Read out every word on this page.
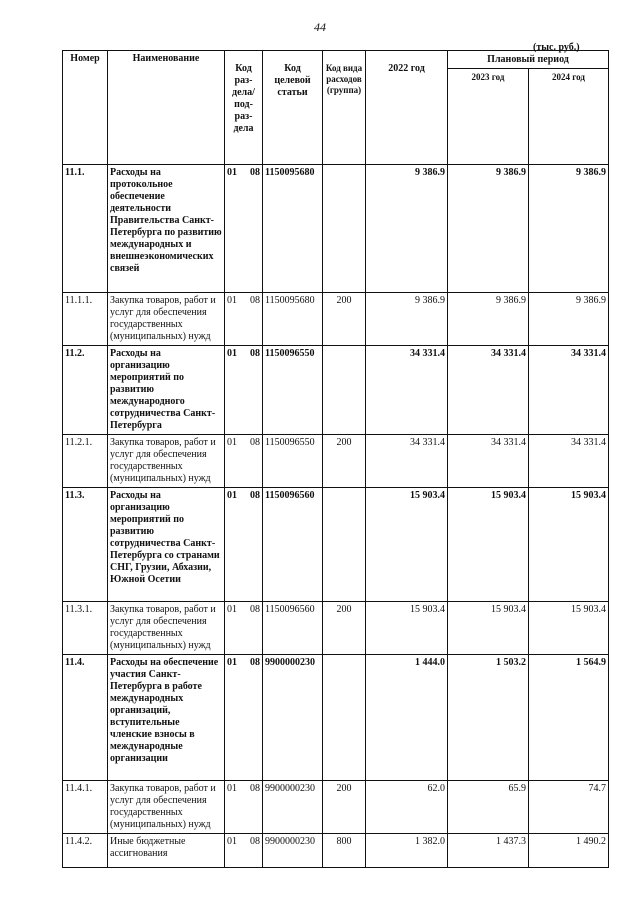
44
(тыс. руб.)
Номер	Наименование	Код раз-дела/ под-раз-дела	Код целевой статьи	Код вида расходов (группа)	2022 год	Плановый период	
						2023 год	2024 год
11.1.	Расходы на протокольное обеспечение деятельности Правительства Санкт-Петербурга по развитию международных и внешнеэкономических связей	01 08	1150095680		9 386.9	9 386.9	9 386.9
11.1.1.	Закупка товаров, работ и услуг для обеспечения государственных (муниципальных) нужд	01 08	1150095680	200	9 386.9	9 386.9	9 386.9
11.2.	Расходы на организацию мероприятий по развитию международного сотрудничества Санкт-Петербурга	01 08	1150096550		34 331.4	34 331.4	34 331.4
11.2.1.	Закупка товаров, работ и услуг для обеспечения государственных (муниципальных) нужд	01 08	1150096550	200	34 331.4	34 331.4	34 331.4
11.3.	Расходы на организацию мероприятий по развитию сотрудничества Санкт-Петербурга со странами СНГ, Грузии, Абхазии, Южной Осетии	01 08	1150096560		15 903.4	15 903.4	15 903.4
11.3.1.	Закупка товаров, работ и услуг для обеспечения государственных (муниципальных) нужд	01 08	1150096560	200	15 903.4	15 903.4	15 903.4
11.4.	Расходы на обеспечение участия Санкт-Петербурга в работе международных организаций, вступительные членские взносы в международные организации	01 08	9900000230		1 444.0	1 503.2	1 564.9
11.4.1.	Закупка товаров, работ и услуг для обеспечения государственных (муниципальных) нужд	01 08	9900000230	200	62.0	65.9	74.7
11.4.2.	Иные бюджетные ассигнования	01 08	9900000230	800	1 382.0	1 437.3	1 490.2
